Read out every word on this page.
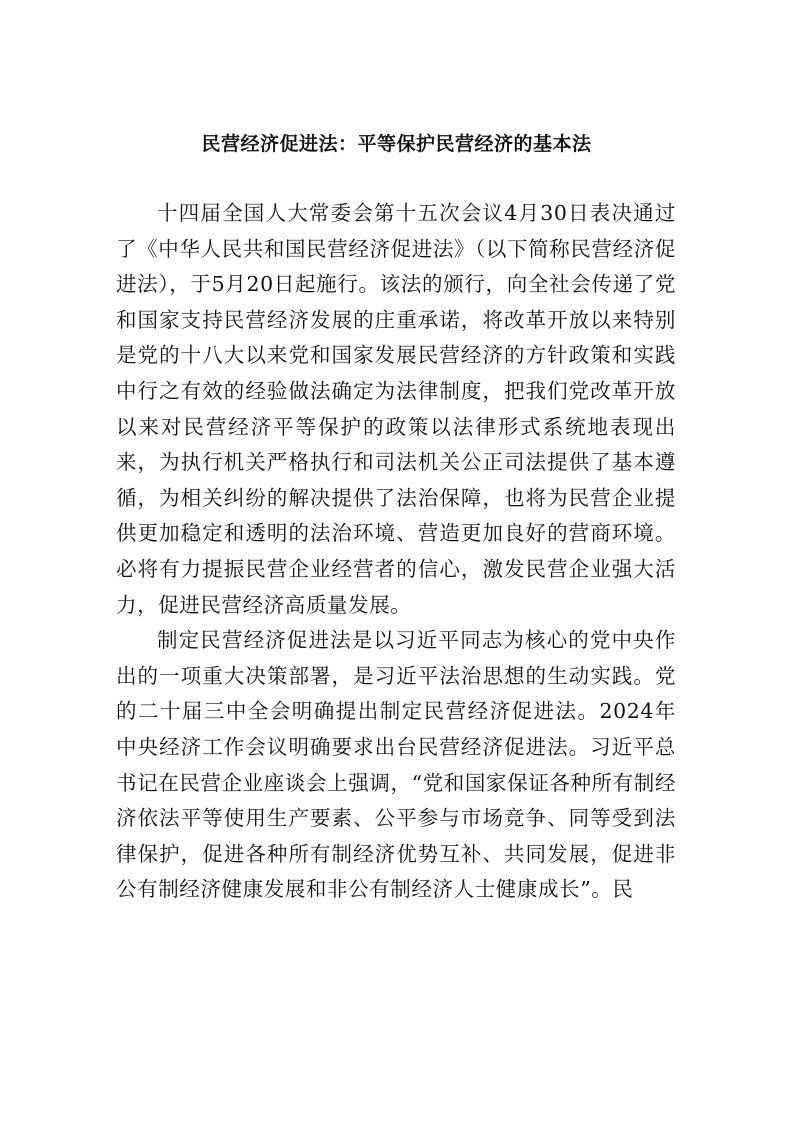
民营经济促进法：平等保护民营经济的基本法

十四届全国人大常委会第十五次会议4月30日表决通过了《中华人民共和国民营经济促进法》（以下简称民营经济促进法），于5月20日起施行。该法的颁行，向全社会传递了党和国家支持民营经济发展的庄重承诺，将改革开放以来特别是党的十八大以来党和国家发展民营经济的方针政策和实践中行之有效的经验做法确定为法律制度，把我们党改革开放以来对民营经济平等保护的政策以法律形式系统地表现出来，为执行机关严格执行和司法机关公正司法提供了基本遵循，为相关纠纷的解决提供了法治保障，也将为民营企业提供更加稳定和透明的法治环境、营造更加良好的营商环境。必将有力提振民营企业经营者的信心，激发民营企业强大活力，促进民营经济高质量发展。

制定民营经济促进法是以习近平同志为核心的党中央作出的一项重大决策部署，是习近平法治思想的生动实践。党的二十届三中全会明确提出制定民营经济促进法。2024年中央经济工作会议明确要求出台民营经济促进法。习近平总书记在民营企业座谈会上强调，“党和国家保证各种所有制经济依法平等使用生产要素、公平参与市场竞争、同等受到法律保护，促进各种所有制经济优势互补、共同发展，促进非公有制经济健康发展和非公有制经济人士健康成长”。民
